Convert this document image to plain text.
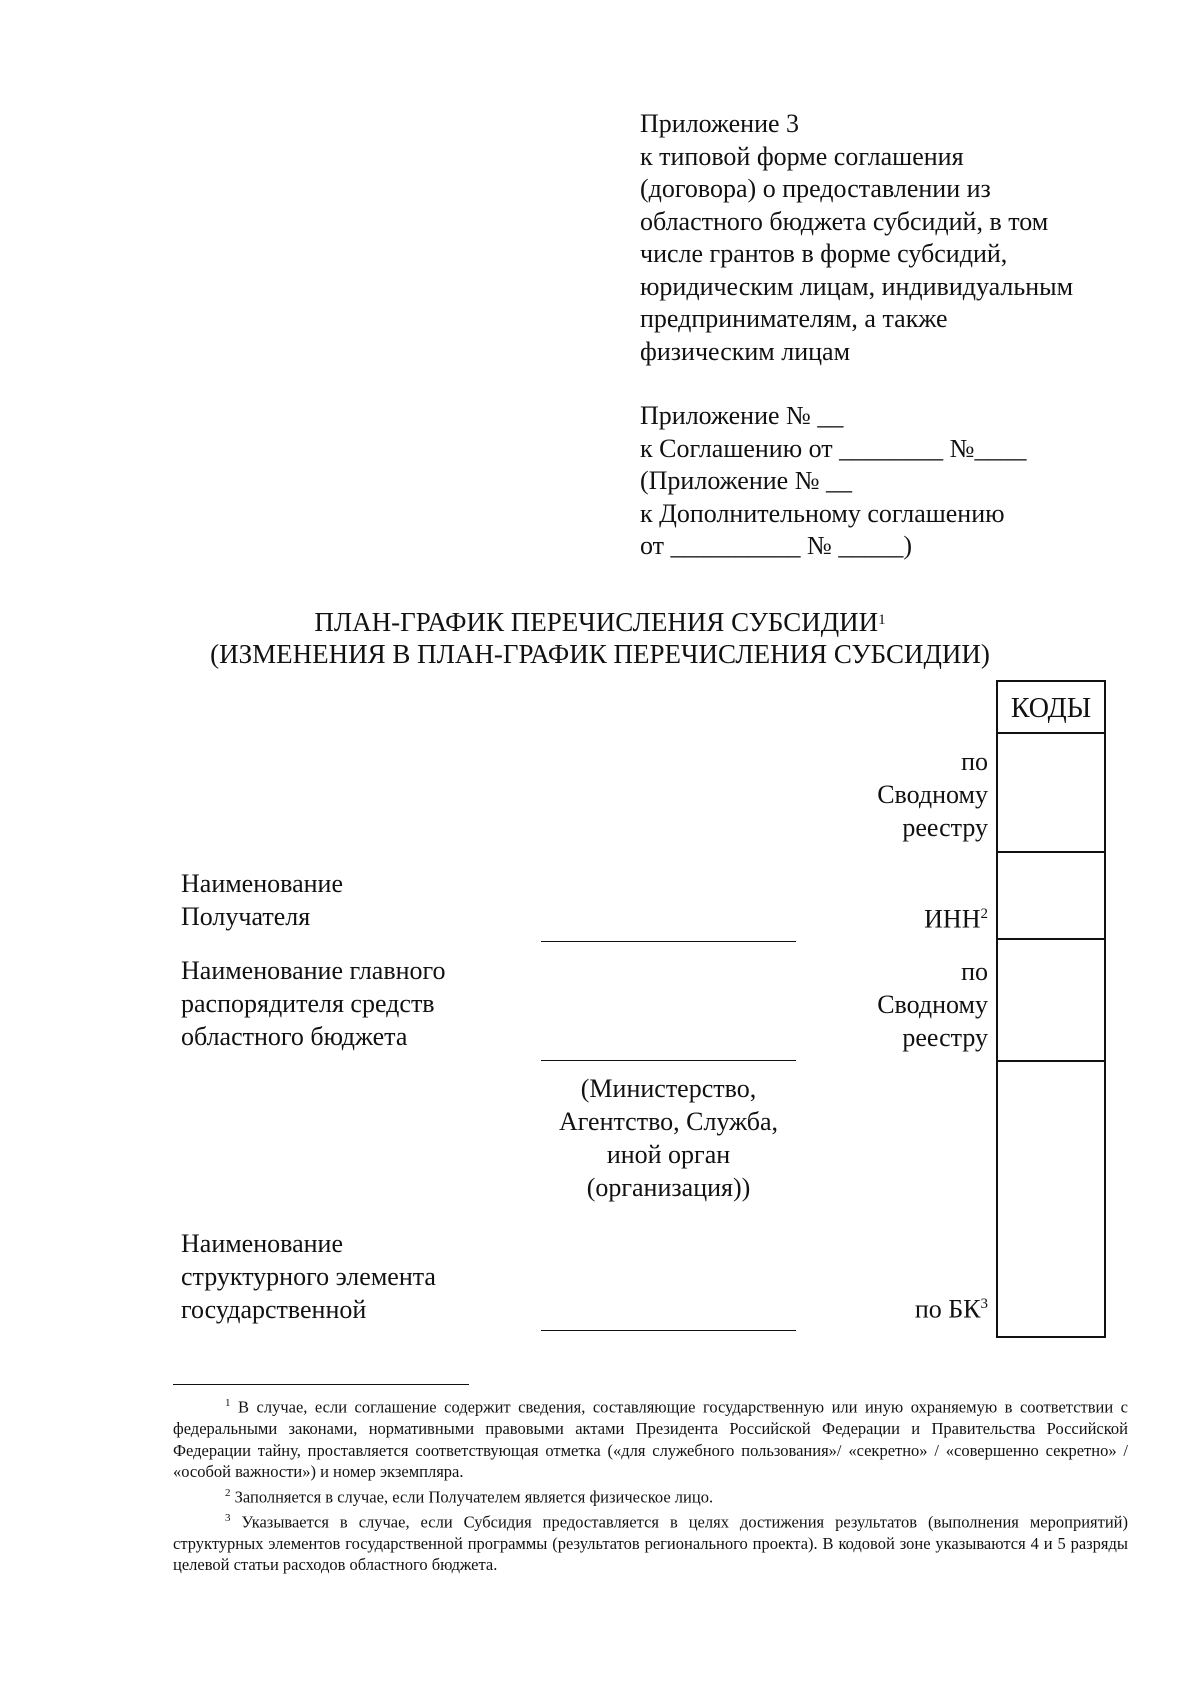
Приложение 3
к типовой форме соглашения
(договора) о предоставлении из
областного бюджета субсидий, в том
числе грантов в форме субсидий,
юридическим лицам, индивидуальным
предпринимателям, а также
физическим лицам
Приложение № __
к Соглашению от ________ №____
(Приложение № __
к Дополнительному соглашению
от __________ № _____)
ПЛАН-ГРАФИК ПЕРЕЧИСЛЕНИЯ СУБСИДИИ$^1$
(ИЗМЕНЕНИЯ В ПЛАН-ГРАФИК ПЕРЕЧИСЛЕНИЯ СУБСИДИИ)
КОДЫ
по
Сводному
реестру
ИНН$^2$
по
Сводному
реестру
по $БК^3$
Наименование
Получателя
Наименование главного
распорядителя средств
областного бюджета
Наименование
структурного элемента
государственной
(Министерство,
Агентство, Служба,
иной орган
(организация))

$^1$ В случае, если соглашение содержит сведения, составляющие государственную или иную охраняемую в соответствии с федеральными законами, нормативными правовыми актами Президента Российской Федерации и Правительства Российской Федерации тайну, проставляется соответствующая отметка («для служебного пользования»/ «секретно» / «совершенно секретно» / «особой важности») и номер экземпляра.

$^2$ Заполняется в случае, если Получателем является физическое лицо.

$^3$ Указывается в случае, если Субсидия предоставляется в целях достижения результатов (выполнения мероприятий) структурных элементов государственной программы (результатов регионального проекта). В кодовой зоне указываются 4 и 5 разряды целевой статьи расходов областного бюджета.
